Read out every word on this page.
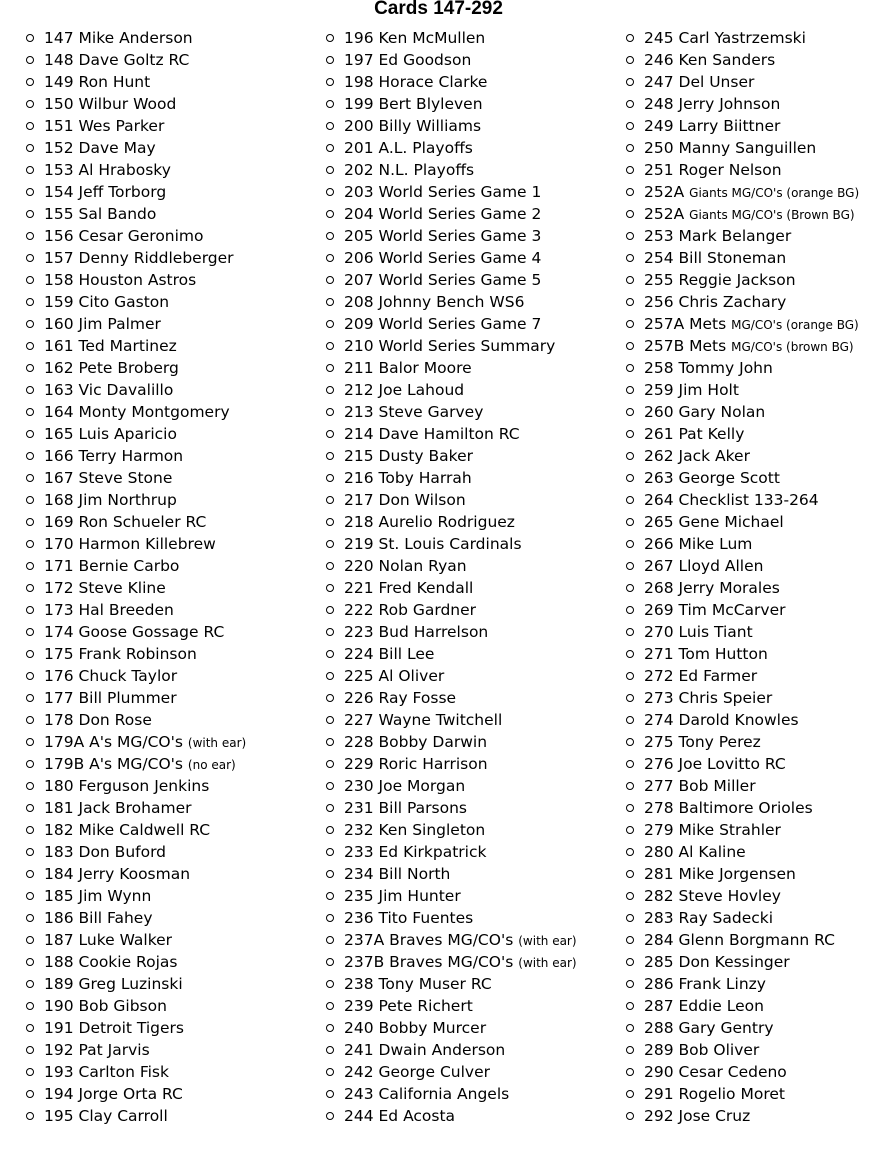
Cards 147-292
147 Mike Anderson
148 Dave Goltz RC
149 Ron Hunt
150 Wilbur Wood
151 Wes Parker
152 Dave May
153 Al Hrabosky
154 Jeff Torborg
155 Sal Bando
156 Cesar Geronimo
157 Denny Riddleberger
158 Houston Astros
159 Cito Gaston
160 Jim Palmer
161 Ted Martinez
162 Pete Broberg
163 Vic Davalillo
164 Monty Montgomery
165 Luis Aparicio
166 Terry Harmon
167 Steve Stone
168 Jim Northrup
169 Ron Schueler RC
170 Harmon Killebrew
171 Bernie Carbo
172 Steve Kline
173 Hal Breeden
174 Goose Gossage RC
175 Frank Robinson
176 Chuck Taylor
177 Bill Plummer
178 Don Rose
179A A's MG/CO's (with ear)
179B A's MG/CO's (no ear)
180 Ferguson Jenkins
181 Jack Brohamer
182 Mike Caldwell RC
183 Don Buford
184 Jerry Koosman
185 Jim Wynn
186 Bill Fahey
187 Luke Walker
188 Cookie Rojas
189 Greg Luzinski
190 Bob Gibson
191 Detroit Tigers
192 Pat Jarvis
193 Carlton Fisk
194 Jorge Orta RC
195 Clay Carroll
196 Ken McMullen
197 Ed Goodson
198 Horace Clarke
199 Bert Blyleven
200 Billy Williams
201 A.L. Playoffs
202 N.L. Playoffs
203 World Series Game 1
204 World Series Game 2
205 World Series Game 3
206 World Series Game 4
207 World Series Game 5
208 Johnny Bench WS6
209 World Series Game 7
210 World Series Summary
211 Balor Moore
212 Joe Lahoud
213 Steve Garvey
214 Dave Hamilton RC
215 Dusty Baker
216 Toby Harrah
217 Don Wilson
218 Aurelio Rodriguez
219 St. Louis Cardinals
220 Nolan Ryan
221 Fred Kendall
222 Rob Gardner
223 Bud Harrelson
224 Bill Lee
225 Al Oliver
226 Ray Fosse
227 Wayne Twitchell
228 Bobby Darwin
229 Roric Harrison
230 Joe Morgan
231 Bill Parsons
232 Ken Singleton
233 Ed Kirkpatrick
234 Bill North
235 Jim Hunter
236 Tito Fuentes
237A Braves MG/CO's (with ear)
237B Braves MG/CO's (with ear)
238 Tony Muser RC
239 Pete Richert
240 Bobby Murcer
241 Dwain Anderson
242 George Culver
243 California Angels
244 Ed Acosta
245 Carl Yastrzemski
246 Ken Sanders
247 Del Unser
248 Jerry Johnson
249 Larry Biittner
250 Manny Sanguillen
251 Roger Nelson
252A Giants MG/CO's (orange BG)
252A Giants MG/CO's (Brown BG)
253 Mark Belanger
254 Bill Stoneman
255 Reggie Jackson
256 Chris Zachary
257A Mets MG/CO's (orange BG)
257B Mets MG/CO's (brown BG)
258 Tommy John
259 Jim Holt
260 Gary Nolan
261 Pat Kelly
262 Jack Aker
263 George Scott
264 Checklist 133-264
265 Gene Michael
266 Mike Lum
267 Lloyd Allen
268 Jerry Morales
269 Tim McCarver
270 Luis Tiant
271 Tom Hutton
272 Ed Farmer
273 Chris Speier
274 Darold Knowles
275 Tony Perez
276 Joe Lovitto RC
277 Bob Miller
278 Baltimore Orioles
279 Mike Strahler
280 Al Kaline
281 Mike Jorgensen
282 Steve Hovley
283 Ray Sadecki
284 Glenn Borgmann RC
285 Don Kessinger
286 Frank Linzy
287 Eddie Leon
288 Gary Gentry
289 Bob Oliver
290 Cesar Cedeno
291 Rogelio Moret
292 Jose Cruz
